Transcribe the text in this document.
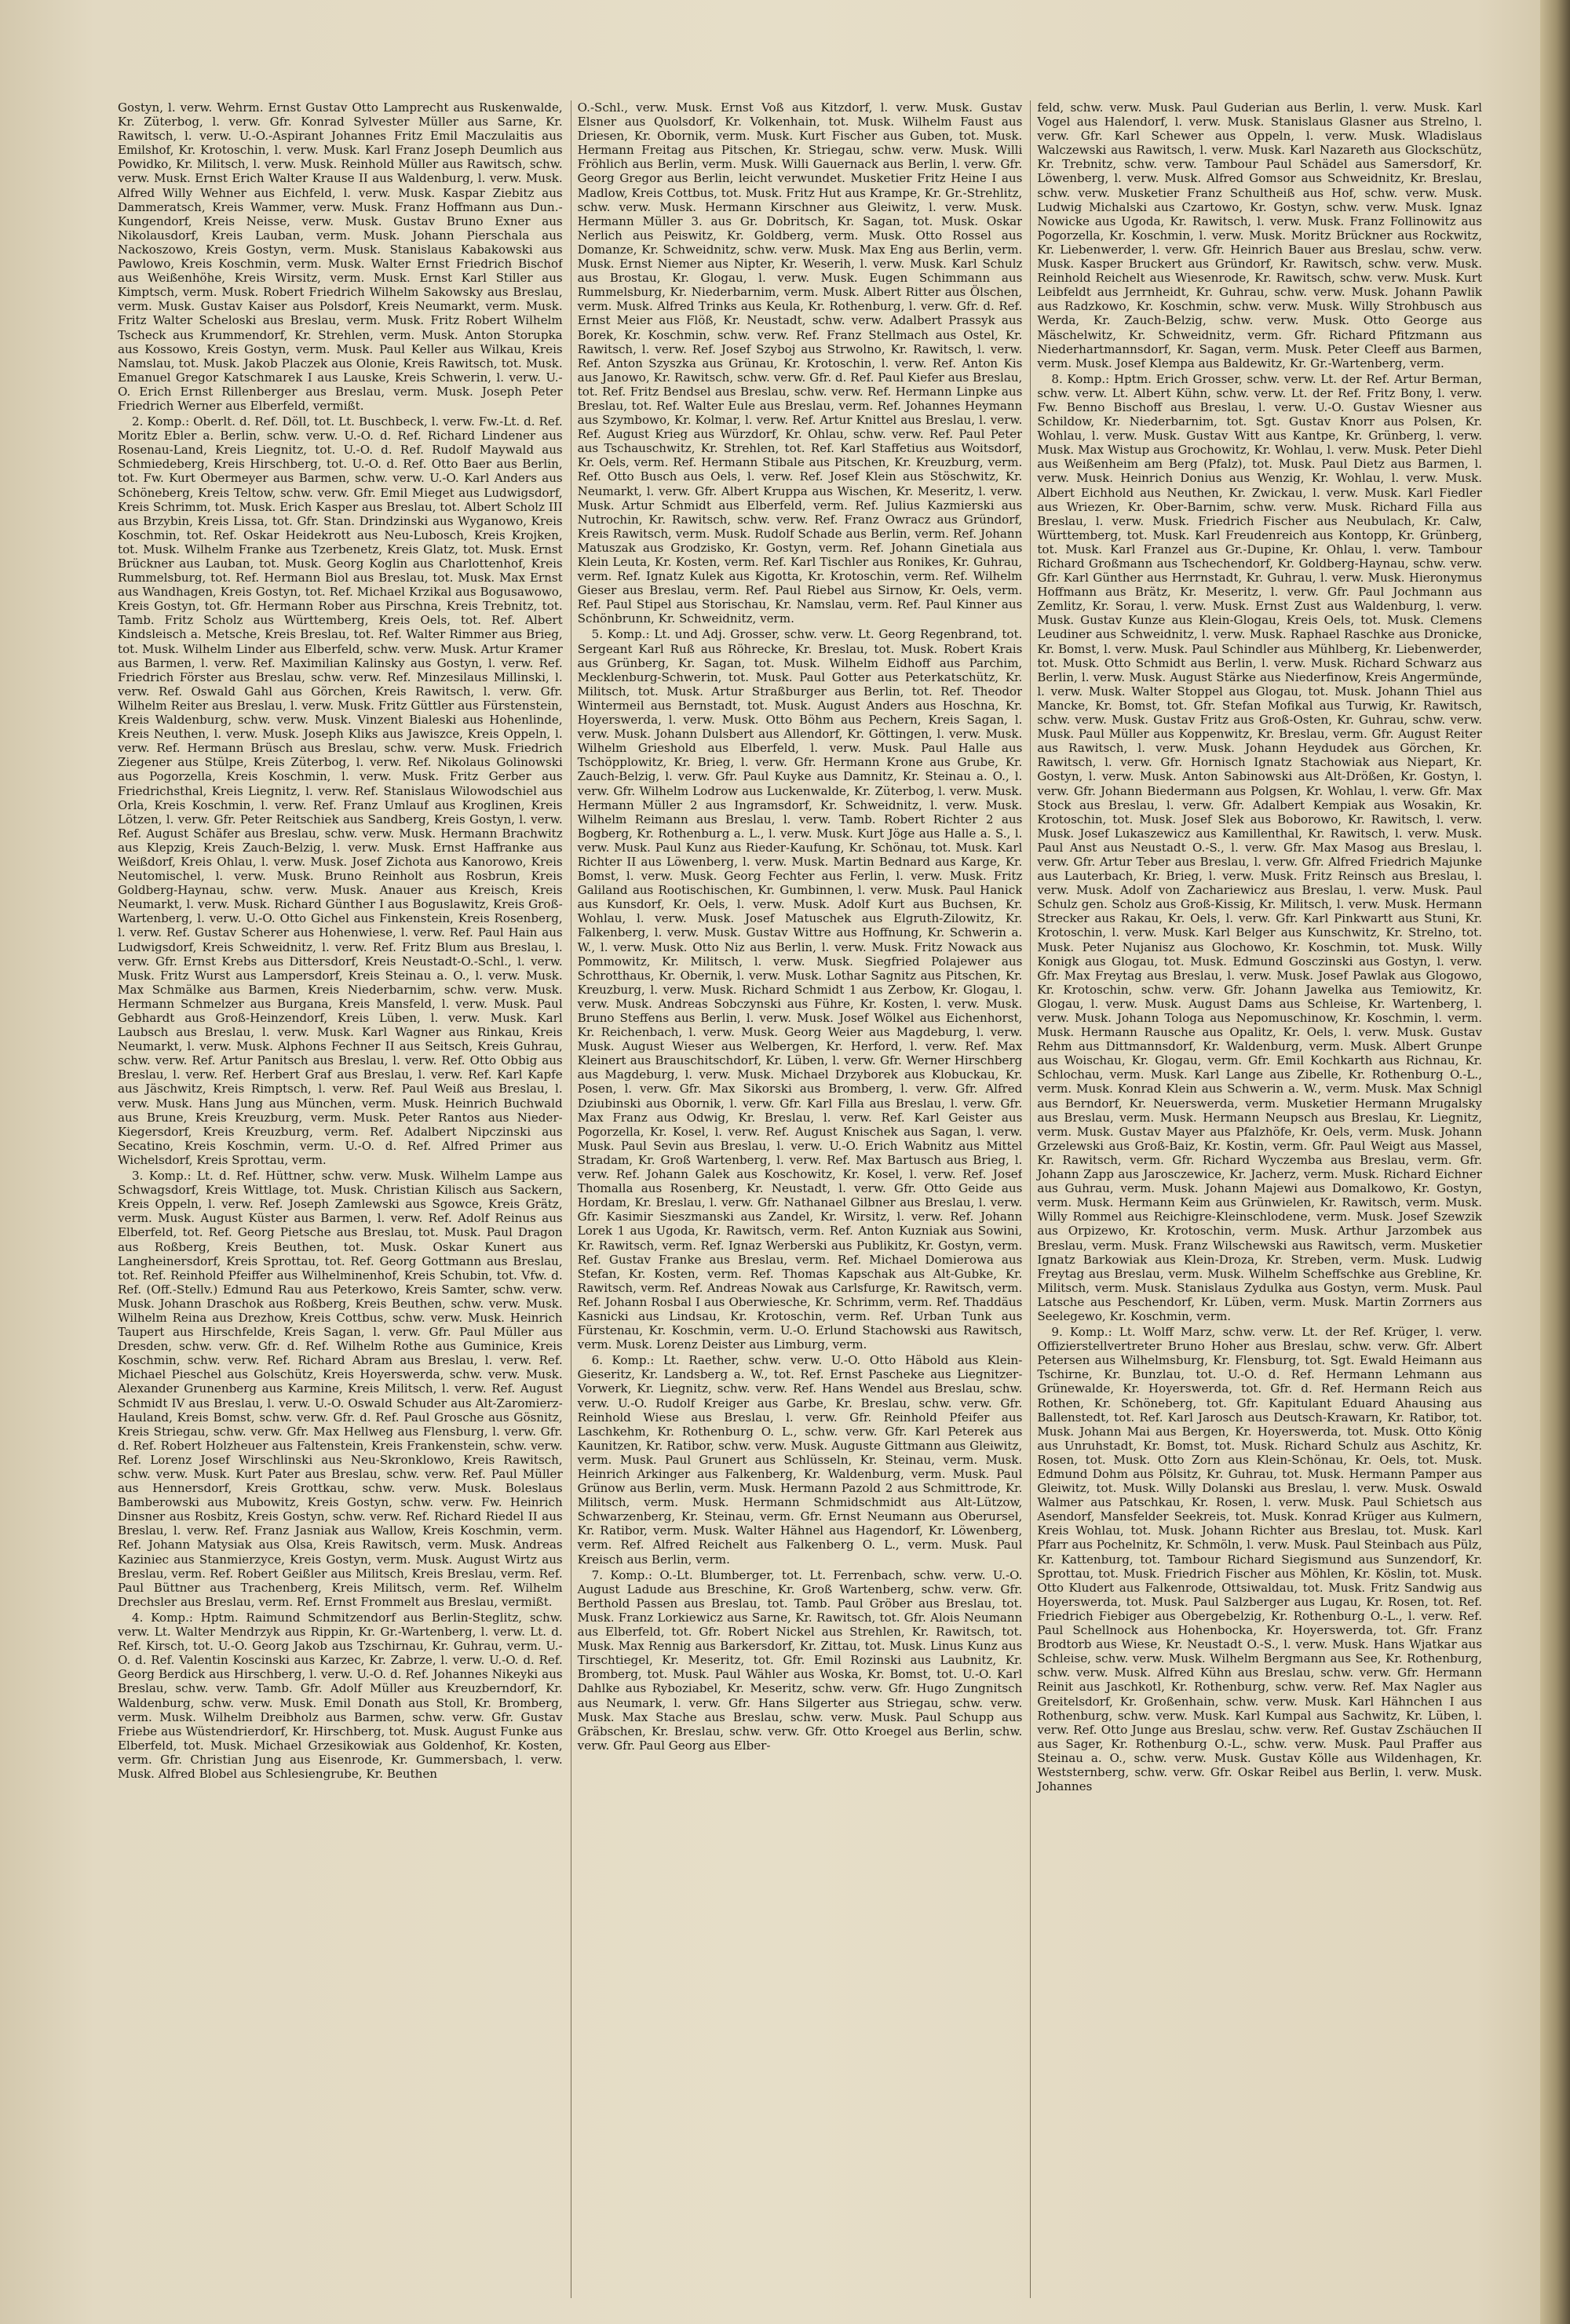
Gostyn, l. verw. Wehrm. Ernst Gustav Otto Lamprecht aus Ruskenwalde, Kr. Züterbog, l. verw. Gfr. Konrad Sylvester Müller aus Sarne, Kr. Rawitsch, l. verw. U.-O.-Aspirant Johannes Fritz Emil Maczulaitis aus Emilshof, Kr. Krotoschin, l. verw. Musk. Karl Franz Joseph Deumlich aus Powidko, Kr. Militsch, l. verw. Musk. Reinhold Müller aus Rawitsch, schw. verw. Musk. Ernst Erich Walter Krause II aus Waldenburg, l. verw. Musk. Alfred Willy Wehner aus Eichfeld, l. verw. Musk. Kaspar Ziebitz aus Dammeratsch, Kreis Wammer, verw. Musk. Franz Hoffmann aus Dun.-Kungendorf, Kreis Neisse, verw. Musk. Gustav Bruno Exner aus Nikolausdorf, Kreis Lauban, verm. Musk. Johann Pierschala aus Nackoszowo, Kreis Gostyn, verm. Musk. Stanislaus Kabakowski aus Pawlowo, Kreis Koschmin, verm. Musk. Walter Ernst Friedrich Bischof aus Weißenhöhe, Kreis Wirsitz, verm. Musk. Ernst Karl Stiller aus Kimptsch, verm. Musk. Robert Friedrich Wilhelm Sakowsky aus Breslau, verm. Musk. Gustav Kaiser aus Polsdorf, Kreis Neumarkt, verm. Musk. Fritz Walter Scheloski aus Breslau, verm. Musk. Fritz Robert Wilhelm Tscheck aus Krummendorf, Kr. Strehlen, verm. Musk. Anton Storupka aus Kossowo, Kreis Gostyn, verm. Musk. Paul Keller aus Wilkau, Kreis Namslau, tot. Musk. Jakob Placzek aus Olonie, Kreis Rawitsch, tot. Musk. Emanuel Gregor Katschmarek I aus Lauske, Kreis Schwerin, l. verw. U.-O. Erich Ernst Rillenberger aus Breslau, verm. Musk. Joseph Peter Friedrich Werner aus Elberfeld, vermißt.

2. Komp.: Oberlt. d. Ref. Döll, tot. Lt. Buschbeck, l. verw. Fw.-Lt. d. Ref. Moritz Ebler a. Berlin, schw. verw. U.-O. d. Ref. Richard Lindener aus Rosenau-Land, Kreis Liegnitz, tot. U.-O. d. Ref. Rudolf Maywald aus Schmiedeberg, Kreis Hirschberg, tot. U.-O. d. Ref. Otto Baer aus Berlin, tot. Fw. Kurt Obermeyer aus Barmen, schw. verw. U.-O. Karl Anders aus Schöneberg, Kreis Teltow, schw. verw. Gfr. Emil Mieget aus Ludwigsdorf, Kreis Schrimm, tot. Musk. Erich Kasper aus Breslau, tot. Albert Scholz III aus Brzybin, Kreis Lissa, tot. Gfr. Stan. Drindzinski aus Wyganowo, Kreis Koschmin, tot. Ref. Oskar Heidekrott aus Neu-Lubosch, Kreis Krojken, tot. Musk. Wilhelm Franke aus Tzerbenetz, Kreis Glatz, tot. Musk. Ernst Brückner aus Lauban, tot. Musk. Georg Koglin aus Charlottenhof, Kreis Rummelsburg, tot. Ref. Hermann Biol aus Breslau, tot. Musk. Max Ernst aus Wandhagen, Kreis Gostyn, tot. Ref. Michael Krzikal aus Bogusawowo, Kreis Gostyn, tot. Gfr. Hermann Rober aus Pirschna, Kreis Trebnitz, tot. Tamb. Fritz Scholz aus Württemberg, Kreis Oels, tot. Ref. Albert Kindsleisch a. Metsche, Kreis Breslau, tot. Ref. Walter Rimmer aus Brieg, tot. Musk. Wilhelm Linder aus Elberfeld, schw. verw. Musk. Artur Kramer aus Barmen, l. verw. Ref. Maximilian Kalinsky aus Gostyn, l. verw. Ref. Friedrich Förster aus Breslau, schw. verw. Ref. Minzesilaus Millinski, l. verw. Ref. Oswald Gahl aus Görchen, Kreis Rawitsch, l. verw. Gfr. Wilhelm Reiter aus Breslau, l. verw. Musk. Fritz Güttler aus Fürstenstein, Kreis Waldenburg, schw. verw. Musk. Vinzent Bialeski aus Hohenlinde, Kreis Neuthen, l. verw. Musk. Joseph Kliks aus Jawiszce, Kreis Oppeln, l. verw. Ref. Hermann Brüsch aus Breslau, schw. verw. Musk. Friedrich Ziegener aus Stülpe, Kreis Züterbog, l. verw. Ref. Nikolaus Golinowski aus Pogorzella, Kreis Koschmin, l. verw. Musk. Fritz Gerber aus Friedrichsthal, Kreis Liegnitz, l. verw. Ref. Stanislaus Wilowodschiel aus Orla, Kreis Koschmin, l. verw. Ref. Franz Umlauf aus Kroglinen, Kreis Lötzen, l. verw. Gfr. Peter Reitschiek aus Sandberg, Kreis Gostyn, l. verw. Ref. August Schäfer aus Breslau, schw. verw. Musk. Hermann Brachwitz aus Klepzig, Kreis Zauch-Belzig, l. verw. Musk. Ernst Haffranke aus Weißdorf, Kreis Ohlau, l. verw. Musk. Josef Zichota aus Kanorowo, Kreis Neutomischel, l. verw. Musk. Bruno Reinholt aus Rosbrun, Kreis Goldberg-Haynau, schw. verw. Musk. Anauer aus Kreisch, Kreis Neumarkt, l. verw. Musk. Richard Günther I aus Boguslawitz, Kreis Groß-Wartenberg, l. verw. U.-O. Otto Gichel aus Finkenstein, Kreis Rosenberg, l. verw. Ref. Gustav Scherer aus Hohenwiese, l. verw. Ref. Paul Hain aus Ludwigsdorf, Kreis Schweidnitz, l. verw. Ref. Fritz Blum aus Breslau, l. verw. Gfr. Ernst Krebs aus Dittersdorf, Kreis Neustadt-O.-Schl., l. verw. Musk. Fritz Wurst aus Lampersdorf, Kreis Steinau a. O., l. verw. Musk. Max Schmälke aus Barmen, Kreis Niederbarnim, schw. verw. Musk. Hermann Schmelzer aus Burgana, Kreis Mansfeld, l. verw. Musk. Paul Gebhardt aus Groß-Heinzendorf, Kreis Lüben, l. verw. Musk. Karl Laubsch aus Breslau, l. verw. Musk. Karl Wagner aus Rinkau, Kreis Neumarkt, l. verw. Musk. Alphons Fechner II aus Seitsch, Kreis Guhrau, schw. verw. Ref. Artur Panitsch aus Breslau, l. verw. Ref. Otto Obbig aus Breslau, l. verw. Ref. Herbert Graf aus Breslau, l. verw. Ref. Karl Kapfe aus Jäschwitz, Kreis Rimptsch, l. verw. Ref. Paul Weiß aus Breslau, l. verw. Musk. Hans Jung aus München, verm. Musk. Heinrich Buchwald aus Brune, Kreis Kreuzburg, verm. Musk. Peter Rantos aus Nieder-Kiegersdorf, Kreis Kreuzburg, verm. Ref. Adalbert Nipczinski aus Secatino, Kreis Koschmin, verm. U.-O. d. Ref. Alfred Primer aus Wichelsdorf, Kreis Sprottau, verm.

3. Komp.: Lt. d. Ref. Hüttner, schw. verw. Musk. Wilhelm Lampe aus Schwagsdorf, Kreis Wittlage, tot. Musk. Christian Kilisch aus Sackern, Kreis Oppeln, l. verw. Ref. Joseph Zamlewski aus Sgowce, Kreis Grätz, verm. Musk. August Küster aus Barmen, l. verw. Ref. Adolf Reinus aus Elberfeld, tot. Ref. Georg Pietsche aus Breslau, tot. Musk. Paul Dragon aus Roßberg, Kreis Beuthen, tot. Musk. Oskar Kunert aus Langheinersdorf, Kreis Sprottau, tot. Ref. Georg Gottmann aus Breslau, tot. Ref. Reinhold Pfeiffer aus Wilhelminenhof, Kreis Schubin, tot. Vfw. d. Ref. (Off.-Stellv.) Edmund Rau aus Peterkowo, Kreis Samter, schw. verw. Musk. Johann Draschok aus Roßberg, Kreis Beuthen, schw. verw. Musk. Wilhelm Reina aus Drezhow, Kreis Cottbus, schw. verw. Musk. Heinrich Taupert aus Hirschfelde, Kreis Sagan, l. verw. Gfr. Paul Müller aus Dresden, schw. verw. Gfr. d. Ref. Wilhelm Rothe aus Guminice, Kreis Koschmin, schw. verw. Ref. Richard Abram aus Breslau, l. verw. Ref. Michael Pieschel aus Golschütz, Kreis Hoyerswerda, schw. verw. Musk. Alexander Grunenberg aus Karmine, Kreis Militsch, l. verw. Ref. August Schmidt IV aus Breslau, l. verw. U.-O. Oswald Schuder aus Alt-Zaromierz-Hauland, Kreis Bomst, schw. verw. Gfr. d. Ref. Paul Grosche aus Gösnitz, Kreis Striegau, schw. verw. Gfr. Max Hellweg aus Flensburg, l. verw. Gfr. d. Ref. Robert Holzheuer aus Faltenstein, Kreis Frankenstein, schw. verw. Ref. Lorenz Josef Wirschlinski aus Neu-Skronklowo, Kreis Rawitsch, schw. verw. Musk. Kurt Pater aus Breslau, schw. verw. Ref. Paul Müller aus Hennersdorf, Kreis Grottkau, schw. verw. Musk. Boleslaus Bamberowski aus Mubowitz, Kreis Gostyn, schw. verw. Fw. Heinrich Dinsner aus Rosbitz, Kreis Gostyn, schw. verw. Ref. Richard Riedel II aus Breslau, l. verw. Ref. Franz Jasniak aus Wallow, Kreis Koschmin, verm. Ref. Johann Matysiak aus Olsa, Kreis Rawitsch, verm. Musk. Andreas Kaziniec aus Stanmierzyce, Kreis Gostyn, verm. Musk. August Wirtz aus Breslau, verm. Ref. Robert Geißler aus Militsch, Kreis Breslau, verm. Ref. Paul Büttner aus Trachenberg, Kreis Militsch, verm. Ref. Wilhelm Drechsler aus Breslau, verm. Ref. Ernst Frommelt aus Breslau, vermißt.

4. Komp.: Hptm. Raimund Schmitzendorf aus Berlin-Steglitz, schw. verw. Lt. Walter Mendrzyk aus Rippin, Kr. Gr.-Wartenberg, l. verw. Lt. d. Ref. Kirsch, tot. U.-O. Georg Jakob aus Tzschirnau, Kr. Guhrau, verm. U.-O. d. Ref. Valentin Koscinski aus Karzec, Kr. Zabrze, l. verw. U.-O. d. Ref. Georg Berdick aus Hirschberg, l. verw. U.-O. d. Ref. Johannes Nikeyki aus Breslau, schw. verw. Tamb. Gfr. Adolf Müller aus Kreuzberndorf, Kr. Waldenburg, schw. verw. Musk. Emil Donath aus Stoll, Kr. Bromberg, verm. Musk. Wilhelm Dreibholz aus Barmen, schw. verw. Gfr. Gustav Friebe aus Wüstendrierdorf, Kr. Hirschberg, tot. Musk. August Funke aus Elberfeld, tot. Musk. Michael Grzesikowiak aus Goldenhof, Kr. Kosten, verm. Gfr. Christian Jung aus Eisenrode, Kr. Gummersbach, l. verw. Musk. Alfred Blobel aus Schlesiengrube, Kr. Beuthen

O.-Schl., verw. Musk. Ernst Voß aus Kitzdorf, l. verw. Musk. Gustav Elsner aus Quolsdorf, Kr. Volkenhain, tot. Musk. Wilhelm Faust aus Driesen, Kr. Obornik, verm. Musk. Kurt Fischer aus Guben, tot. Musk. Hermann Freitag aus Pitschen, Kr. Striegau, schw. verw. Musk. Willi Fröhlich aus Berlin, verm. Musk. Willi Gauernack aus Berlin, l. verw. Gfr. Georg Gregor aus Berlin, leicht verwundet. Musketier Fritz Heine I aus Madlow, Kreis Cottbus, tot. Musk. Fritz Hut aus Krampe, Kr. Gr.-Strehlitz, schw. verw. Musk. Hermann Kirschner aus Gleiwitz, l. verw. Musk. Hermann Müller 3. aus Gr. Dobritsch, Kr. Sagan, tot. Musk. Oskar Nerlich aus Peiswitz, Kr. Goldberg, verm. Musk. Otto Rossel aus Domanze, Kr. Schweidnitz, schw. verw. Musk. Max Eng aus Berlin, verm. Musk. Ernst Niemer aus Nipter, Kr. Weserih, l. verw. Musk. Karl Schulz aus Brostau, Kr. Glogau, l. verw. Musk. Eugen Schimmann aus Rummelsburg, Kr. Niederbarnim, verm. Musk. Albert Ritter aus Ölschen, verm. Musk. Alfred Trinks aus Keula, Kr. Rothenburg, l. verw. Gfr. d. Ref. Ernst Meier aus Flöß, Kr. Neustadt, schw. verw. Adalbert Prassyk aus Borek, Kr. Koschmin, schw. verw. Ref. Franz Stellmach aus Ostel, Kr. Rawitsch, l. verw. Ref. Josef Szyboj aus Strwolno, Kr. Rawitsch, l. verw. Ref. Anton Szyszka aus Grünau, Kr. Krotoschin, l. verw. Ref. Anton Kis aus Janowo, Kr. Rawitsch, schw. verw. Gfr. d. Ref. Paul Kiefer aus Breslau, tot. Ref. Fritz Bendsel aus Breslau, schw. verw. Ref. Hermann Linpke aus Breslau, tot. Ref. Walter Eule aus Breslau, verm. Ref. Johannes Heymann aus Szymbowo, Kr. Kolmar, l. verw. Ref. Artur Knittel aus Breslau, l. verw. Ref. August Krieg aus Würzdorf, Kr. Ohlau, schw. verw. Ref. Paul Peter aus Tschauschwitz, Kr. Strehlen, tot. Ref. Karl Staffetius aus Woitsdorf, Kr. Oels, verm. Ref. Hermann Stibale aus Pitschen, Kr. Kreuzburg, verm. Ref. Otto Busch aus Oels, l. verw. Ref. Josef Klein aus Stöschwitz, Kr. Neumarkt, l. verw. Gfr. Albert Kruppa aus Wischen, Kr. Meseritz, l. verw. Musk. Artur Schmidt aus Elberfeld, verm. Ref. Julius Kazmierski aus Nutrochin, Kr. Rawitsch, schw. verw. Ref. Franz Owracz aus Gründorf, Kreis Rawitsch, verm. Musk. Rudolf Schade aus Berlin, verm. Ref. Johann Matuszak aus Grodzisko, Kr. Gostyn, verm. Ref. Johann Ginetiala aus Klein Leuta, Kr. Kosten, verm. Ref. Karl Tischler aus Ronikes, Kr. Guhrau, verm. Ref. Ignatz Kulek aus Kigotta, Kr. Krotoschin, verm. Ref. Wilhelm Gieser aus Breslau, verm. Ref. Paul Riebel aus Sirnow, Kr. Oels, verm. Ref. Paul Stipel aus Storischau, Kr. Namslau, verm. Ref. Paul Kinner aus Schönbrunn, Kr. Schweidnitz, verm.

5. Komp.: Lt. und Adj. Grosser, schw. verw. Lt. Georg Regenbrand, tot. Sergeant Karl Ruß aus Röhrecke, Kr. Breslau, tot. Musk. Robert Krais aus Grünberg, Kr. Sagan, tot. Musk. Wilhelm Eidhoff aus Parchim, Mecklenburg-Schwerin, tot. Musk. Paul Gotter aus Peterkatschütz, Kr. Militsch, tot. Musk. Artur Straßburger aus Berlin, tot. Ref. Theodor Wintermeil aus Bernstadt, tot. Musk. August Anders aus Hoschna, Kr. Hoyerswerda, l. verw. Musk. Otto Böhm aus Pechern, Kreis Sagan, l. verw. Musk. Johann Dulsbert aus Allendorf, Kr. Göttingen, l. verw. Musk. Wilhelm Grieshold aus Elberfeld, l. verw. Musk. Paul Halle aus Tschöpplowitz, Kr. Brieg, l. verw. Gfr. Hermann Krone aus Grube, Kr. Zauch-Belzig, l. verw. Gfr. Paul Kuyke aus Damnitz, Kr. Steinau a. O., l. verw. Gfr. Wilhelm Lodrow aus Luckenwalde, Kr. Züterbog, l. verw. Musk. Hermann Müller 2 aus Ingramsdorf, Kr. Schweidnitz, l. verw. Musk. Wilhelm Reimann aus Breslau, l. verw. Tamb. Robert Richter 2 aus Bogberg, Kr. Rothenburg a. L., l. verw. Musk. Kurt Jöge aus Halle a. S., l. verw. Musk. Paul Kunz aus Rieder-Kaufung, Kr. Schönau, tot. Musk. Karl Richter II aus Löwenberg, l. verw. Musk. Martin Bednard aus Karge, Kr. Bomst, l. verw. Musk. Georg Fechter aus Ferlin, l. verw. Musk. Fritz Galiland aus Rootischischen, Kr. Gumbinnen, l. verw. Musk. Paul Hanick aus Kunsdorf, Kr. Oels, l. verw. Musk. Adolf Kurt aus Buchsen, Kr. Wohlau, l. verw. Musk. Josef Matuschek aus Elgruth-Zilowitz, Kr. Falkenberg, l. verw. Musk. Gustav Wittre aus Hoffnung, Kr. Schwerin a. W., l. verw. Musk. Otto Niz aus Berlin, l. verw. Musk. Fritz Nowack aus Pommowitz, Kr. Militsch, l. verw. Musk. Siegfried Polajewer aus Schrotthaus, Kr. Obernik, l. verw. Musk. Lothar Sagnitz aus Pitschen, Kr. Kreuzburg, l. verw. Musk. Richard Schmidt 1 aus Zerbow, Kr. Glogau, l. verw. Musk. Andreas Sobczynski aus Führe, Kr. Kosten, l. verw. Musk. Bruno Steffens aus Berlin, l. verw. Musk. Josef Wölkel aus Eichenhorst, Kr. Reichenbach, l. verw. Musk. Georg Weier aus Magdeburg, l. verw. Musk. August Wieser aus Welbergen, Kr. Herford, l. verw. Ref. Max Kleinert aus Brauschitschdorf, Kr. Lüben, l. verw. Gfr. Werner Hirschberg aus Magdeburg, l. verw. Musk. Michael Drzyborek aus Klobuckau, Kr. Posen, l. verw. Gfr. Max Sikorski aus Bromberg, l. verw. Gfr. Alfred Dziubinski aus Obornik, l. verw. Gfr. Karl Filla aus Breslau, l. verw. Gfr. Max Franz aus Odwig, Kr. Breslau, l. verw. Ref. Karl Geister aus Pogorzella, Kr. Kosel, l. verw. Ref. August Knischek aus Sagan, l. verw. Musk. Paul Sevin aus Breslau, l. verw. U.-O. Erich Wabnitz aus Mittel Stradam, Kr. Groß Wartenberg, l. verw. Ref. Max Bartusch aus Brieg, l. verw. Ref. Johann Galek aus Koschowitz, Kr. Kosel, l. verw. Ref. Josef Thomalla aus Rosenberg, Kr. Neustadt, l. verw. Gfr. Otto Geide aus Hordam, Kr. Breslau, l. verw. Gfr. Nathanael Gilbner aus Breslau, l. verw. Gfr. Kasimir Sieszmanski aus Zandel, Kr. Wirsitz, l. verw. Ref. Johann Lorek 1 aus Ugoda, Kr. Rawitsch, verm. Ref. Anton Kuzniak aus Sowini, Kr. Rawitsch, verm. Ref. Ignaz Werberski aus Publikitz, Kr. Gostyn, verm. Ref. Gustav Franke aus Breslau, verm. Ref. Michael Domierowa aus Stefan, Kr. Kosten, verm. Ref. Thomas Kapschak aus Alt-Gubke, Kr. Rawitsch, verm. Ref. Andreas Nowak aus Carlsfurge, Kr. Rawitsch, verm. Ref. Johann Rosbal I aus Oberwiesche, Kr. Schrimm, verm. Ref. Thaddäus Kasnicki aus Lindsau, Kr. Krotoschin, verm. Ref. Urban Tunk aus Fürstenau, Kr. Koschmin, verm. U.-O. Erlund Stachowski aus Rawitsch, verm. Musk. Lorenz Deister aus Limburg, verm.

6. Komp.: Lt. Raether, schw. verw. U.-O. Otto Häbold aus Klein-Gieseritz, Kr. Landsberg a. W., tot. Ref. Ernst Pascheke aus Liegnitzer-Vorwerk, Kr. Liegnitz, schw. verw. Ref. Hans Wendel aus Breslau, schw. verw. U.-O. Rudolf Kreiger aus Garbe, Kr. Breslau, schw. verw. Gfr. Reinhold Wiese aus Breslau, l. verw. Gfr. Reinhold Pfeifer aus Laschkehm, Kr. Rothenburg O. L., schw. verw. Gfr. Karl Peterek aus Kaunitzen, Kr. Ratibor, schw. verw. Musk. Auguste Gittmann aus Gleiwitz, verm. Musk. Paul Grunert aus Schlüsseln, Kr. Steinau, verm. Musk. Heinrich Arkinger aus Falkenberg, Kr. Waldenburg, verm. Musk. Paul Grünow aus Berlin, verm. Musk. Hermann Pazold 2 aus Schmittrode, Kr. Militsch, verm. Musk. Hermann Schmidschmidt aus Alt-Lützow, Schwarzenberg, Kr. Steinau, verm. Gfr. Ernst Neumann aus Oberursel, Kr. Ratibor, verm. Musk. Walter Hähnel aus Hagendorf, Kr. Löwenberg, verm. Ref. Alfred Reichelt aus Falkenberg O. L., verm. Musk. Paul Kreisch aus Berlin, verm.

7. Komp.: O.-Lt. Blumberger, tot. Lt. Ferrenbach, schw. verw. U.-O. August Ladude aus Breschine, Kr. Groß Wartenberg, schw. verw. Gfr. Berthold Passen aus Breslau, tot. Tamb. Paul Gröber aus Breslau, tot. Musk. Franz Lorkiewicz aus Sarne, Kr. Rawitsch, tot. Gfr. Alois Neumann aus Elberfeld, tot. Gfr. Robert Nickel aus Strehlen, Kr. Rawitsch, tot. Musk. Max Rennig aus Barkersdorf, Kr. Zittau, tot. Musk. Linus Kunz aus Tirschtiegel, Kr. Meseritz, tot. Gfr. Emil Rozinski aus Laubnitz, Kr. Bromberg, tot. Musk. Paul Wähler aus Woska, Kr. Bomst, tot. U.-O. Karl Dahlke aus Ryboziabel, Kr. Meseritz, schw. verw. Gfr. Hugo Zungnitsch aus Neumark, l. verw. Gfr. Hans Silgerter aus Striegau, schw. verw. Musk. Max Stache aus Breslau, schw. verw. Musk. Paul Schupp aus Gräbschen, Kr. Breslau, schw. verw. Gfr. Otto Kroegel aus Berlin, schw. verw. Gfr. Paul Georg aus Elber-

feld, schw. verw. Musk. Paul Guderian aus Berlin, l. verw. Musk. Karl Vogel aus Halendorf, l. verw. Musk. Stanislaus Glasner aus Strelno, l. verw. Gfr. Karl Schewer aus Oppeln, l. verw. Musk. Wladislaus Walczewski aus Rawitsch, l. verw. Musk. Karl Nazareth aus Glockschütz, Kr. Trebnitz, schw. verw. Tambour Paul Schädel aus Samersdorf, Kr. Löwenberg, l. verw. Musk. Alfred Gomsor aus Schweidnitz, Kr. Breslau, schw. verw. Musketier Franz Schultheiß aus Hof, schw. verw. Musk. Ludwig Michalski aus Czartowo, Kr. Gostyn, schw. verw. Musk. Ignaz Nowicke aus Ugoda, Kr. Rawitsch, l. verw. Musk. Franz Follinowitz aus Pogorzella, Kr. Koschmin, l. verw. Musk. Moritz Brückner aus Rockwitz, Kr. Liebenwerder, l. verw. Gfr. Heinrich Bauer aus Breslau, schw. verw. Musk. Kasper Bruckert aus Gründorf, Kr. Rawitsch, schw. verw. Musk. Reinhold Reichelt aus Wiesenrode, Kr. Rawitsch, schw. verw. Musk. Kurt Leibfeldt aus Jerrnheidt, Kr. Guhrau, schw. verw. Musk. Johann Pawlik aus Radzkowo, Kr. Koschmin, schw. verw. Musk. Willy Strohbusch aus Werda, Kr. Zauch-Belzig, schw. verw. Musk. Otto George aus Mäschelwitz, Kr. Schweidnitz, verm. Gfr. Richard Pfitzmann aus Niederhartmannsdorf, Kr. Sagan, verm. Musk. Peter Cleeff aus Barmen, verm. Musk. Josef Klempa aus Baldewitz, Kr. Gr.-Wartenberg, verm.

8. Komp.: Hptm. Erich Grosser, schw. verw. Lt. der Ref. Artur Berman, schw. verw. Lt. Albert Kühn, schw. verw. Lt. der Ref. Fritz Bony, l. verw. Fw. Benno Bischoff aus Breslau, l. verw. U.-O. Gustav Wiesner aus Schildow, Kr. Niederbarnim, tot. Sgt. Gustav Knorr aus Polsen, Kr. Wohlau, l. verw. Musk. Gustav Witt aus Kantpe, Kr. Grünberg, l. verw. Musk. Max Wistup aus Grochowitz, Kr. Wohlau, l. verw. Musk. Peter Diehl aus Weißenheim am Berg (Pfalz), tot. Musk. Paul Dietz aus Barmen, l. verw. Musk. Heinrich Donius aus Wenzig, Kr. Wohlau, l. verw. Musk. Albert Eichhold aus Neuthen, Kr. Zwickau, l. verw. Musk. Karl Fiedler aus Wriezen, Kr. Ober-Barnim, schw. verw. Musk. Richard Filla aus Breslau, l. verw. Musk. Friedrich Fischer aus Neubulach, Kr. Calw, Württemberg, tot. Musk. Karl Freudenreich aus Kontopp, Kr. Grünberg, tot. Musk. Karl Franzel aus Gr.-Dupine, Kr. Ohlau, l. verw. Tambour Richard Großmann aus Tschechendorf, Kr. Goldberg-Haynau, schw. verw. Gfr. Karl Günther aus Herrnstadt, Kr. Guhrau, l. verw. Musk. Hieronymus Hoffmann aus Brätz, Kr. Meseritz, l. verw. Gfr. Paul Jochmann aus Zemlitz, Kr. Sorau, l. verw. Musk. Ernst Zust aus Waldenburg, l. verw. Musk. Gustav Kunze aus Klein-Glogau, Kreis Oels, tot. Musk. Clemens Leudiner aus Schweidnitz, l. verw. Musk. Raphael Raschke aus Dronicke, Kr. Bomst, l. verw. Musk. Paul Schindler aus Mühlberg, Kr. Liebenwerder, tot. Musk. Otto Schmidt aus Berlin, l. verw. Musk. Richard Schwarz aus Berlin, l. verw. Musk. August Stärke aus Niederfinow, Kreis Angermünde, l. verw. Musk. Walter Stoppel aus Glogau, tot. Musk. Johann Thiel aus Mancke, Kr. Bomst, tot. Gfr. Stefan Mofikal aus Turwig, Kr. Rawitsch, schw. verw. Musk. Gustav Fritz aus Groß-Osten, Kr. Guhrau, schw. verw. Musk. Paul Müller aus Koppenwitz, Kr. Breslau, verm. Gfr. August Reiter aus Rawitsch, l. verw. Musk. Johann Heydudek aus Görchen, Kr. Rawitsch, l. verw. Gfr. Hornisch Ignatz Stachowiak aus Niepart, Kr. Gostyn, l. verw. Musk. Anton Sabinowski aus Alt-Drößen, Kr. Gostyn, l. verw. Gfr. Johann Biedermann aus Polgsen, Kr. Wohlau, l. verw. Gfr. Max Stock aus Breslau, l. verw. Gfr. Adalbert Kempiak aus Wosakin, Kr. Krotoschin, tot. Musk. Josef Slek aus Boborowo, Kr. Rawitsch, l. verw. Musk. Josef Lukaszewicz aus Kamillenthal, Kr. Rawitsch, l. verw. Musk. Paul Anst aus Neustadt O.-S., l. verw. Gfr. Max Masog aus Breslau, l. verw. Gfr. Artur Teber aus Breslau, l. verw. Gfr. Alfred Friedrich Majunke aus Lauterbach, Kr. Brieg, l. verw. Musk. Fritz Reinsch aus Breslau, l. verw. Musk. Adolf von Zachariewicz aus Breslau, l. verw. Musk. Paul Schulz gen. Scholz aus Groß-Kissig, Kr. Militsch, l. verw. Musk. Hermann Strecker aus Rakau, Kr. Oels, l. verw. Gfr. Karl Pinkwartt aus Stuni, Kr. Krotoschin, l. verw. Musk. Karl Belger aus Kunschwitz, Kr. Strelno, tot. Musk. Peter Nujanisz aus Glochowo, Kr. Koschmin, tot. Musk. Willy Konigk aus Glogau, tot. Musk. Edmund Gosczinski aus Gostyn, l. verw. Gfr. Max Freytag aus Breslau, l. verw. Musk. Josef Pawlak aus Glogowo, Kr. Krotoschin, schw. verw. Gfr. Johann Jawelka aus Temiowitz, Kr. Glogau, l. verw. Musk. August Dams aus Schleise, Kr. Wartenberg, l. verw. Musk. Johann Tologa aus Nepomuschinow, Kr. Koschmin, l. verm. Musk. Hermann Rausche aus Opalitz, Kr. Oels, l. verw. Musk. Gustav Rehm aus Dittmannsdorf, Kr. Waldenburg, verm. Musk. Albert Grunpe aus Woischau, Kr. Glogau, verm. Gfr. Emil Kochkarth aus Richnau, Kr. Schlochau, verm. Musk. Karl Lange aus Zibelle, Kr. Rothenburg O.-L., verm. Musk. Konrad Klein aus Schwerin a. W., verm. Musk. Max Schnigl aus Berndorf, Kr. Neuerswerda, verm. Musketier Hermann Mrugalsky aus Breslau, verm. Musk. Hermann Neupsch aus Breslau, Kr. Liegnitz, verm. Musk. Gustav Mayer aus Pfalzhöfe, Kr. Oels, verm. Musk. Johann Grzelewski aus Groß-Baiz, Kr. Kostin, verm. Gfr. Paul Weigt aus Massel, Kr. Rawitsch, verm. Gfr. Richard Wyczemba aus Breslau, verm. Gfr. Johann Zapp aus Jarosczewice, Kr. Jacherz, verm. Musk. Richard Eichner aus Guhrau, verm. Musk. Johann Majewi aus Domalkowo, Kr. Gostyn, verm. Musk. Hermann Keim aus Grünwielen, Kr. Rawitsch, verm. Musk. Willy Rommel aus Reichigre-Kleinschlodene, verm. Musk. Josef Szewzik aus Orpizewo, Kr. Krotoschin, verm. Musk. Arthur Jarzombek aus Breslau, verm. Musk. Franz Wilschewski aus Rawitsch, verm. Musketier Ignatz Barkowiak aus Klein-Droza, Kr. Streben, verm. Musk. Ludwig Freytag aus Breslau, verm. Musk. Wilhelm Scheffschke aus Grebline, Kr. Militsch, verm. Musk. Stanislaus Zydulka aus Gostyn, verm. Musk. Paul Latsche aus Peschendorf, Kr. Lüben, verm. Musk. Martin Zorrners aus Seelegewo, Kr. Koschmin, verm.

9. Komp.: Lt. Wolff Marz, schw. verw. Lt. der Ref. Krüger, l. verw. Offizierstellvertreter Bruno Hoher aus Breslau, schw. verw. Gfr. Albert Petersen aus Wilhelmsburg, Kr. Flensburg, tot. Sgt. Ewald Heimann aus Tschirne, Kr. Bunzlau, tot. U.-O. d. Ref. Hermann Lehmann aus Grünewalde, Kr. Hoyerswerda, tot. Gfr. d. Ref. Hermann Reich aus Rothen, Kr. Schöneberg, tot. Gfr. Kapitulant Eduard Ahausing aus Ballenstedt, tot. Ref. Karl Jarosch aus Deutsch-Krawarn, Kr. Ratibor, tot. Musk. Johann Mai aus Bergen, Kr. Hoyerswerda, tot. Musk. Otto König aus Unruhstadt, Kr. Bomst, tot. Musk. Richard Schulz aus Aschitz, Kr. Rosen, tot. Musk. Otto Zorn aus Klein-Schönau, Kr. Oels, tot. Musk. Edmund Dohm aus Pölsitz, Kr. Guhrau, tot. Musk. Hermann Pamper aus Gleiwitz, tot. Musk. Willy Dolanski aus Breslau, l. verw. Musk. Oswald Walmer aus Patschkau, Kr. Rosen, l. verw. Musk. Paul Schietsch aus Asendorf, Mansfelder Seekreis, tot. Musk. Konrad Krüger aus Kulmern, Kreis Wohlau, tot. Musk. Johann Richter aus Breslau, tot. Musk. Karl Pfarr aus Pochelnitz, Kr. Schmöln, l. verw. Musk. Paul Steinbach aus Pülz, Kr. Kattenburg, tot. Tambour Richard Siegismund aus Sunzendorf, Kr. Sprottau, tot. Musk. Friedrich Fischer aus Möhlen, Kr. Köslin, tot. Musk. Otto Kludert aus Falkenrode, Ottsiwaldau, tot. Musk. Fritz Sandwig aus Hoyerswerda, tot. Musk. Paul Salzberger aus Lugau, Kr. Rosen, tot. Ref. Friedrich Fiebiger aus Obergebelzig, Kr. Rothenburg O.-L., l. verw. Ref. Paul Schellnock aus Hohenbocka, Kr. Hoyerswerda, tot. Gfr. Franz Brodtorb aus Wiese, Kr. Neustadt O.-S., l. verw. Musk. Hans Wjatkar aus Schleise, schw. verw. Musk. Wilhelm Bergmann aus See, Kr. Rothenburg, schw. verw. Musk. Alfred Kühn aus Breslau, schw. verw. Gfr. Hermann Reinit aus Jaschkotl, Kr. Rothenburg, schw. verw. Ref. Max Nagler aus Greitelsdorf, Kr. Großenhain, schw. verw. Musk. Karl Hähnchen I aus Rothenburg, schw. verw. Musk. Karl Kumpal aus Sachwitz, Kr. Lüben, l. verw. Ref. Otto Junge aus Breslau, schw. verw. Ref. Gustav Zschäuchen II aus Sager, Kr. Rothenburg O.-L., schw. verw. Musk. Paul Praffer aus Steinau a. O., schw. verw. Musk. Gustav Kölle aus Wildenhagen, Kr. Weststernberg, schw. verw. Gfr. Oskar Reibel aus Berlin, l. verw. Musk. Johannes
